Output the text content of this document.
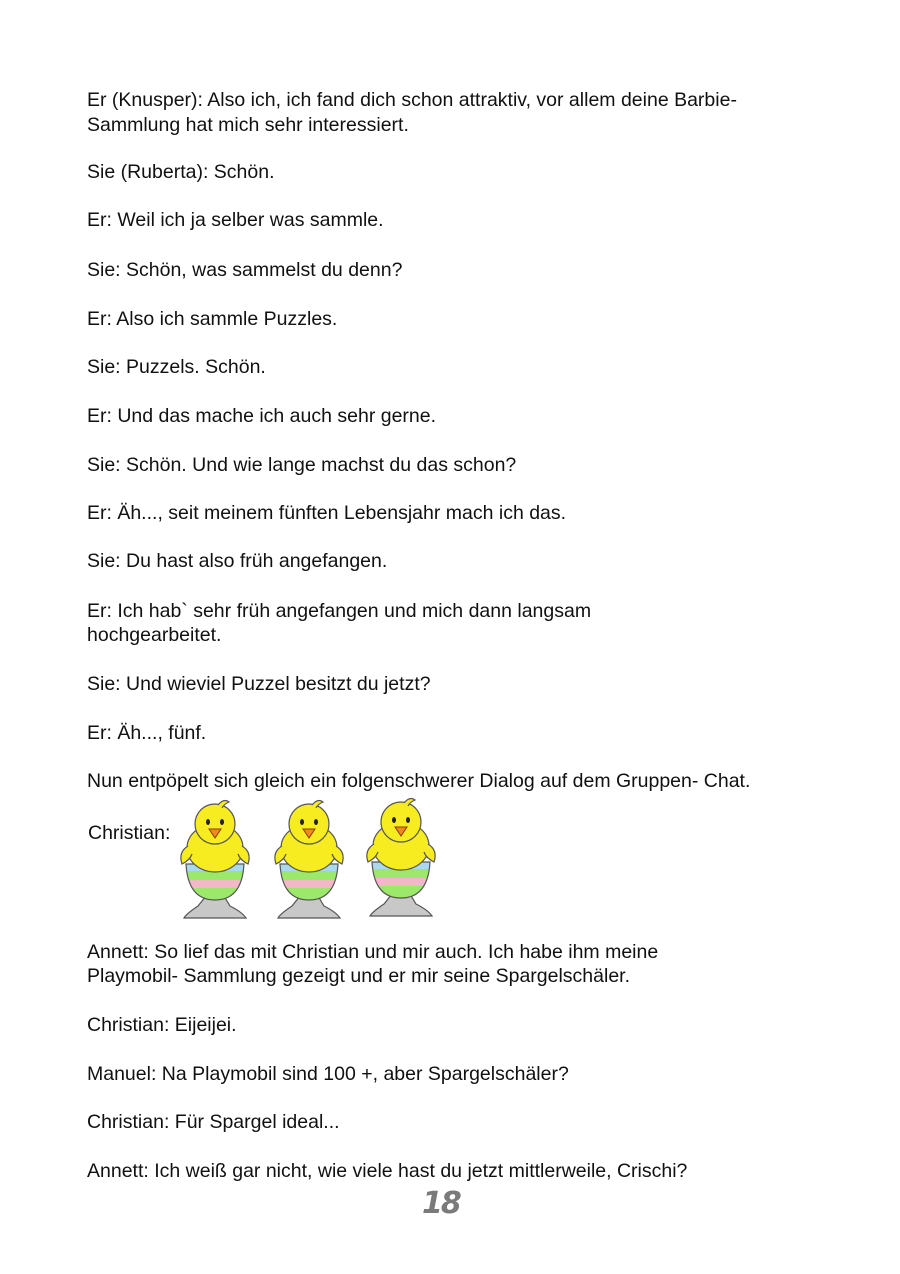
Er (Knusper): Also ich, ich fand dich schon attraktiv, vor allem deine Barbie-
Sammlung hat mich sehr interessiert.
Sie (Ruberta): Schön.
Er: Weil ich ja selber was sammle.
Sie: Schön, was sammelst du denn?
Er: Also ich sammle Puzzles.
Sie: Puzzels. Schön.
Er: Und das mache ich auch sehr gerne.
Sie: Schön. Und wie lange machst du das schon?
Er: Äh..., seit meinem fünften Lebensjahr mach ich das.
Sie: Du hast also früh angefangen.
Er: Ich hab` sehr früh angefangen und mich dann langsam
hochgearbeitet.
Sie: Und wieviel Puzzel besitzt du jetzt?
Er: Äh..., fünf.
Nun entpöpelt sich gleich ein folgenschwerer Dialog auf dem Gruppen- Chat.
Christian:
Annett: So lief das mit Christian und mir auch. Ich habe ihm meine
Playmobil- Sammlung gezeigt und er mir seine Spargelschäler.
Christian: Eijeijei.
Manuel: Na Playmobil sind 100 +, aber Spargelschäler?
Christian: Für Spargel ideal...
Annett: Ich weiß gar nicht, wie viele hast du jetzt mittlerweile, Crischi?
18
